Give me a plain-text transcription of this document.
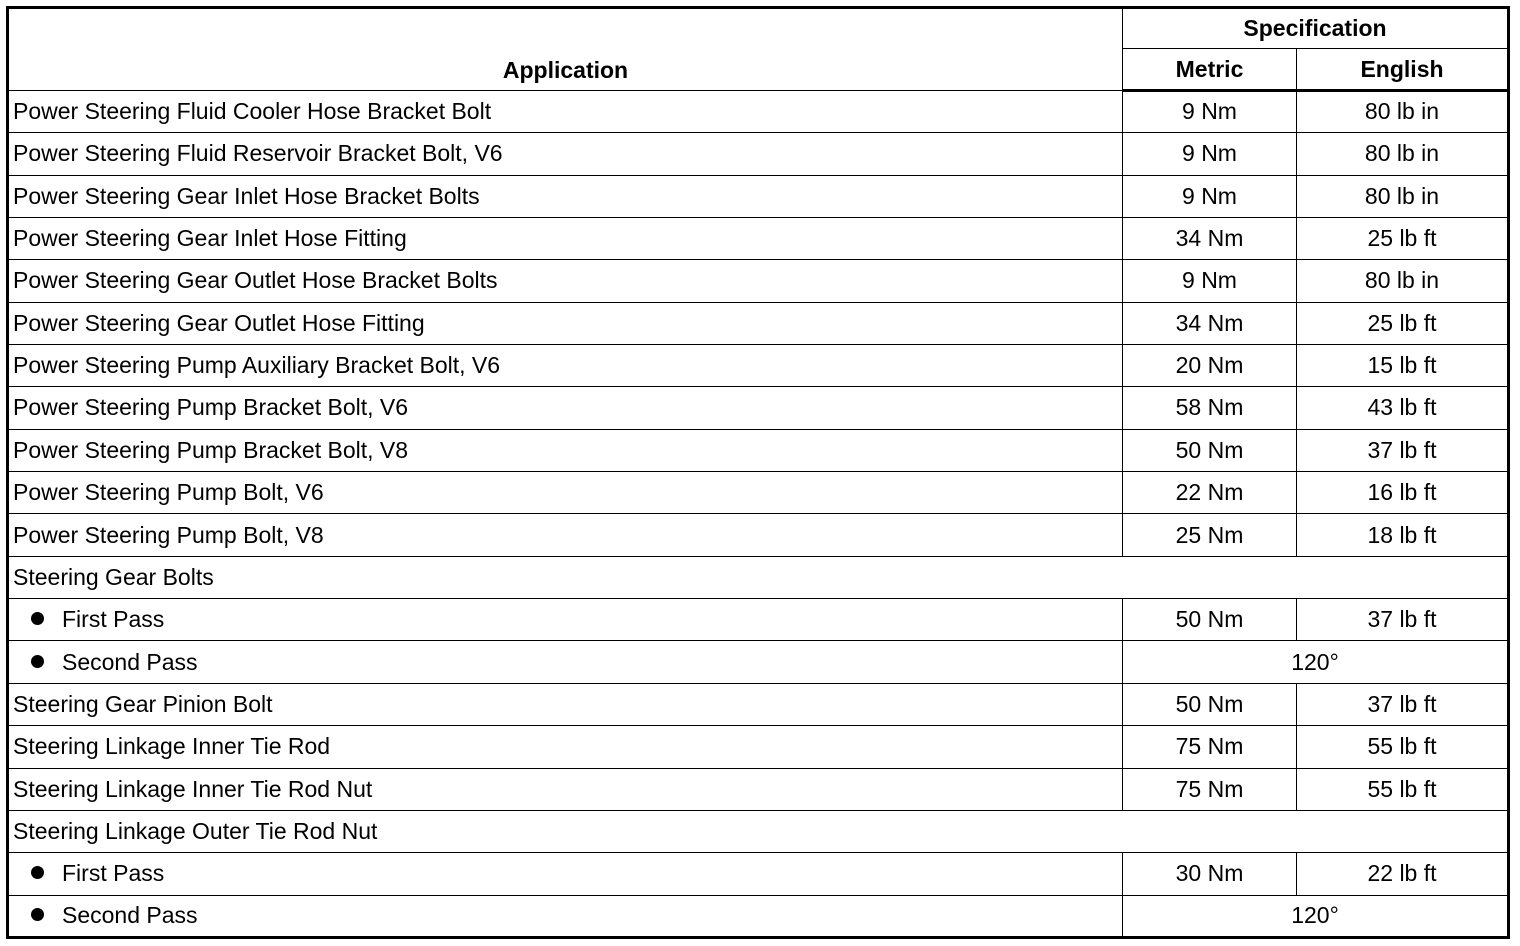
Application	Specification	
	Metric	English
Power Steering Fluid Cooler Hose Bracket Bolt	9 Nm	80 lb in
Power Steering Fluid Reservoir Bracket Bolt, V6	9 Nm	80 lb in
Power Steering Gear Inlet Hose Bracket Bolts	9 Nm	80 lb in
Power Steering Gear Inlet Hose Fitting	34 Nm	25 lb ft
Power Steering Gear Outlet Hose Bracket Bolts	9 Nm	80 lb in
Power Steering Gear Outlet Hose Fitting	34 Nm	25 lb ft
Power Steering Pump Auxiliary Bracket Bolt, V6	20 Nm	15 lb ft
Power Steering Pump Bracket Bolt, V6	58 Nm	43 lb ft
Power Steering Pump Bracket Bolt, V8	50 Nm	37 lb ft
Power Steering Pump Bolt, V6	22 Nm	16 lb ft
Power Steering Pump Bolt, V8	25 Nm	18 lb ft
Steering Gear Bolts		
First Pass	50 Nm	37 lb ft
Second Pass	120°	
Steering Gear Pinion Bolt	50 Nm	37 lb ft
Steering Linkage Inner Tie Rod	75 Nm	55 lb ft
Steering Linkage Inner Tie Rod Nut	75 Nm	55 lb ft
Steering Linkage Outer Tie Rod Nut		
First Pass	30 Nm	22 lb ft
Second Pass	120°	
